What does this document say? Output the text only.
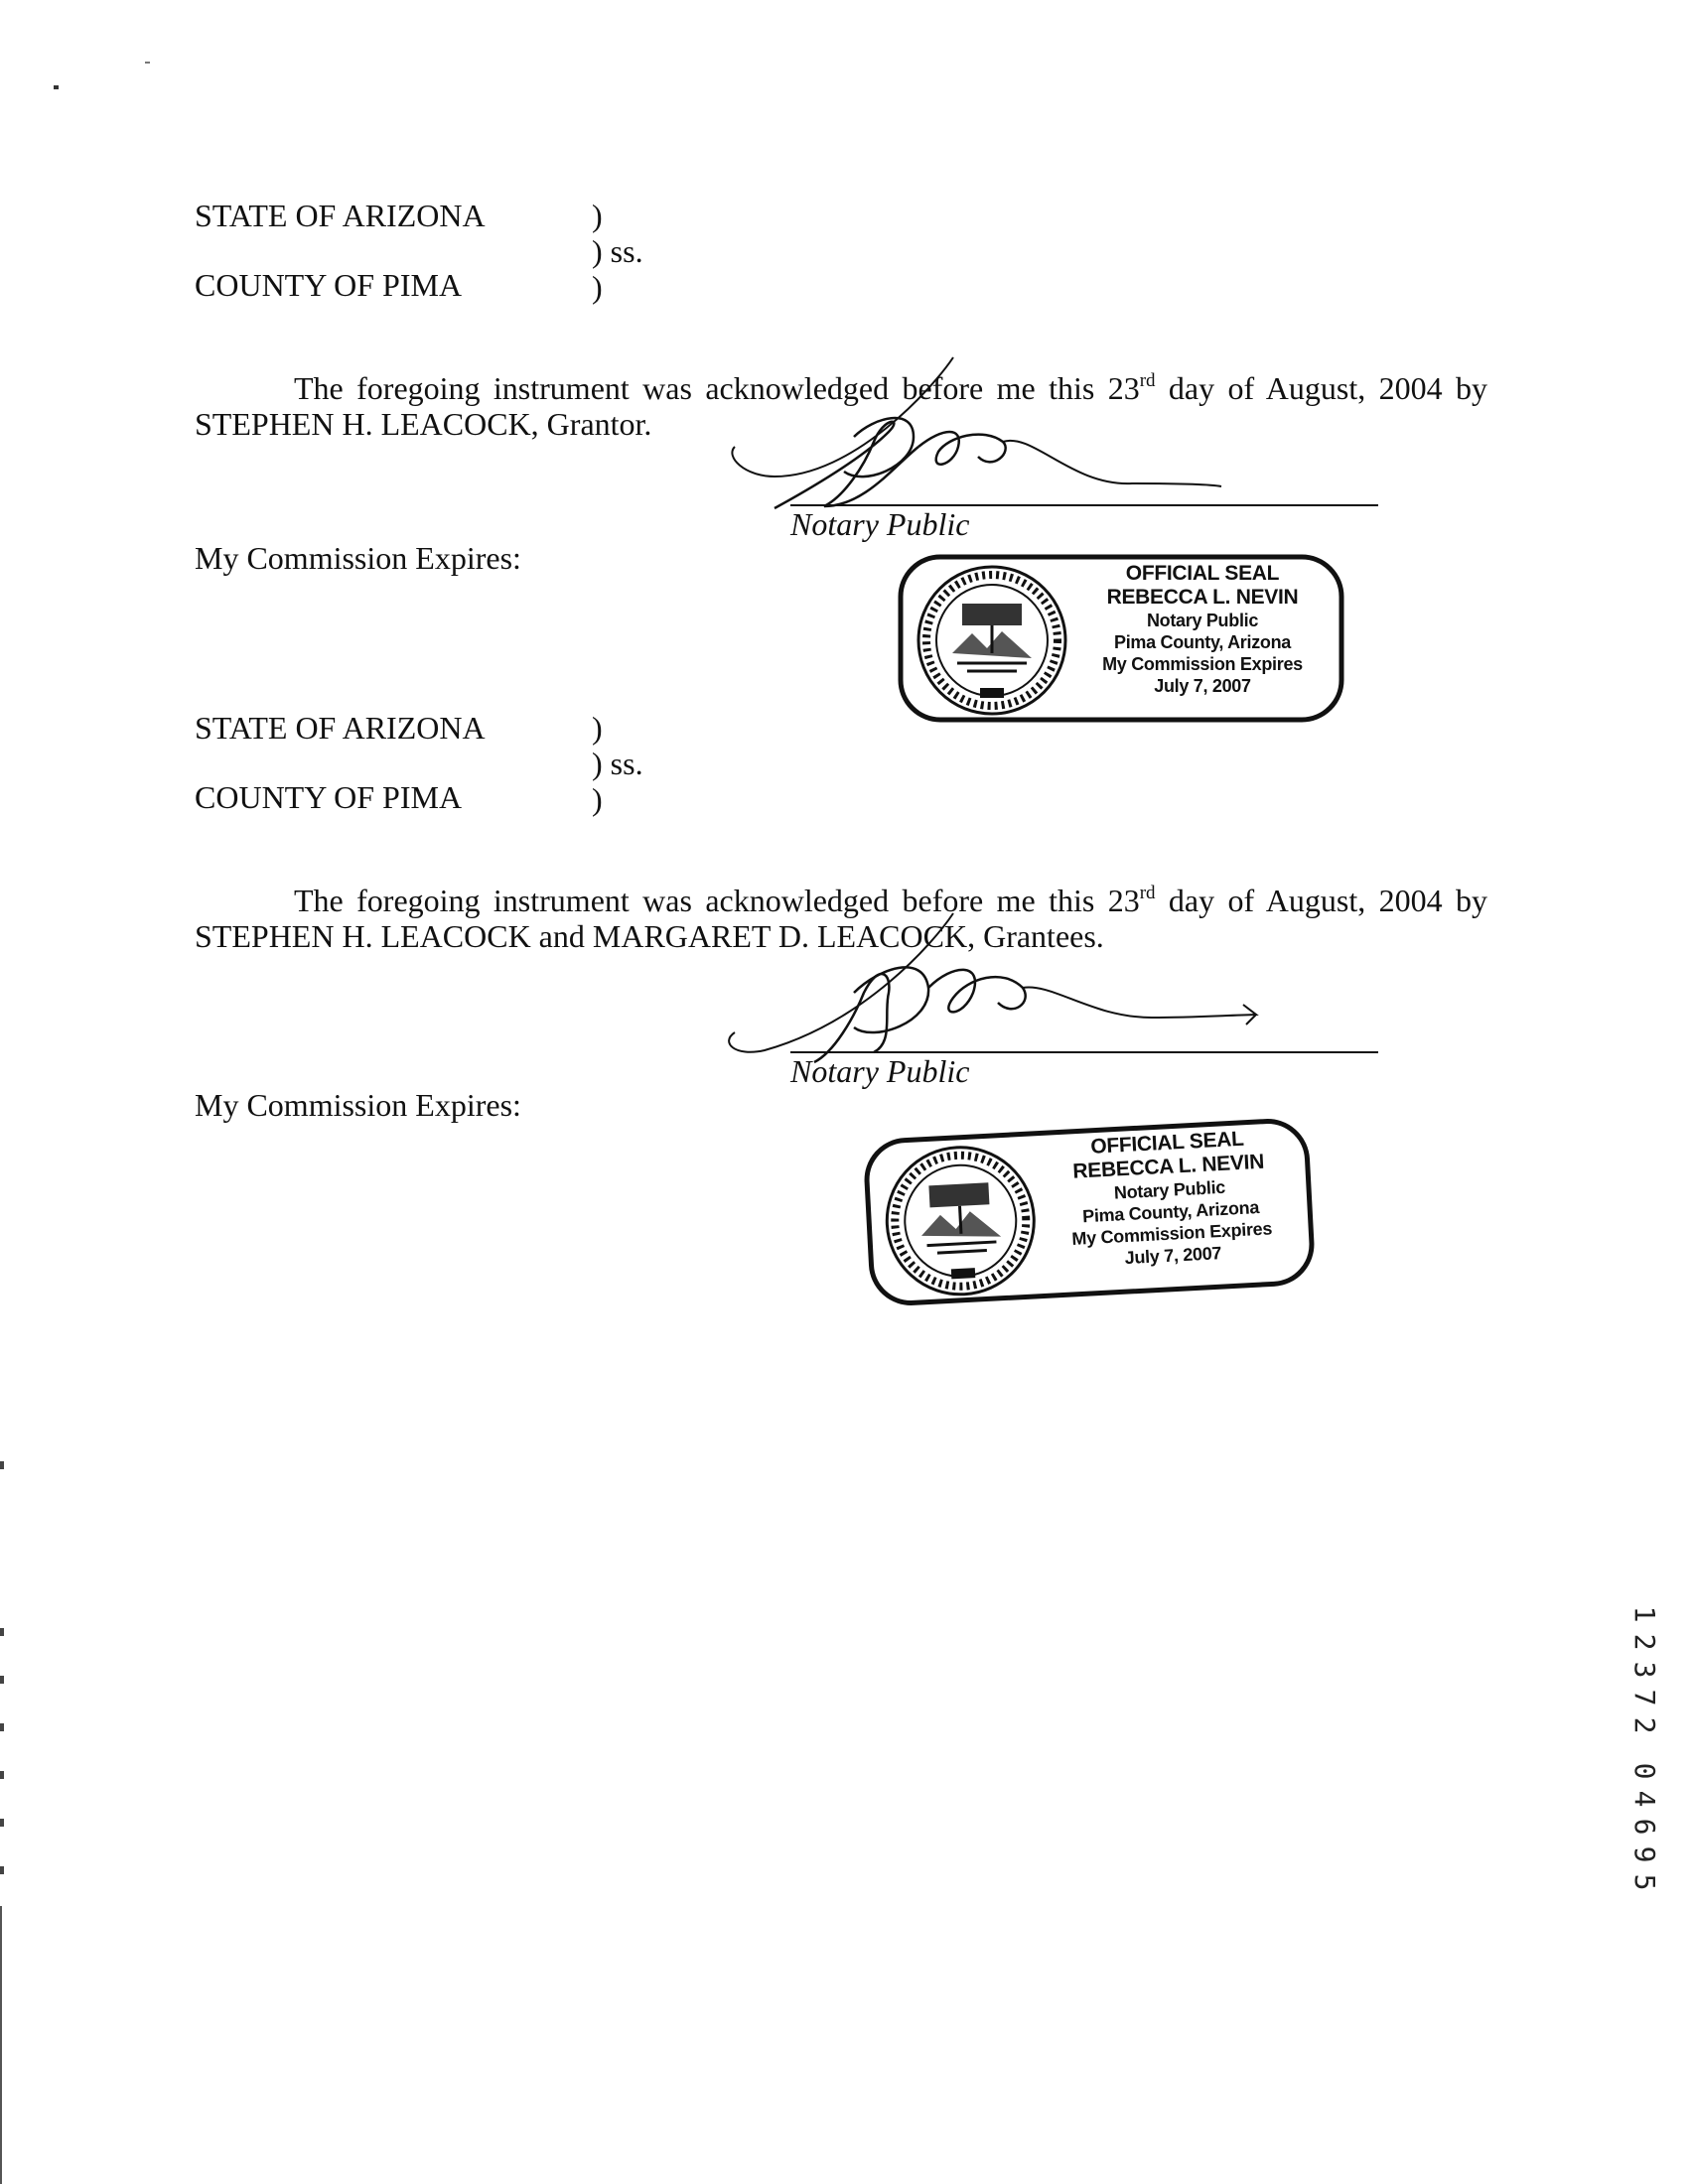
STATE OF ARIZONA
COUNTY OF PIMA
)
) ss.
)
The foregoing instrument was acknowledged before me this 23rd day of August, 2004 by
STEPHEN H. LEACOCK, Grantor.
Notary Public
My Commission Expires:	OFFICIAL SEAL
REBECCA L. NEVIN
Notary Public
Pima County, Arizona
My Commission Expires
July 7, 2007
STATE OF ARIZONA
COUNTY OF PIMA
)
) ss.
)
The foregoing instrument was acknowledged before me this 23rd day of August, 2004 by
STEPHEN H. LEACOCK and MARGARET D. LEACOCK, Grantees.
Notary Public
My Commission Expires:
OFFICIAL SEAL
REBECCA L. NEVIN
Notary Public
Pima County, Arizona
My Commission Expires
July 7, 2007
1
2
3
7
2
0
4
6
9
5
